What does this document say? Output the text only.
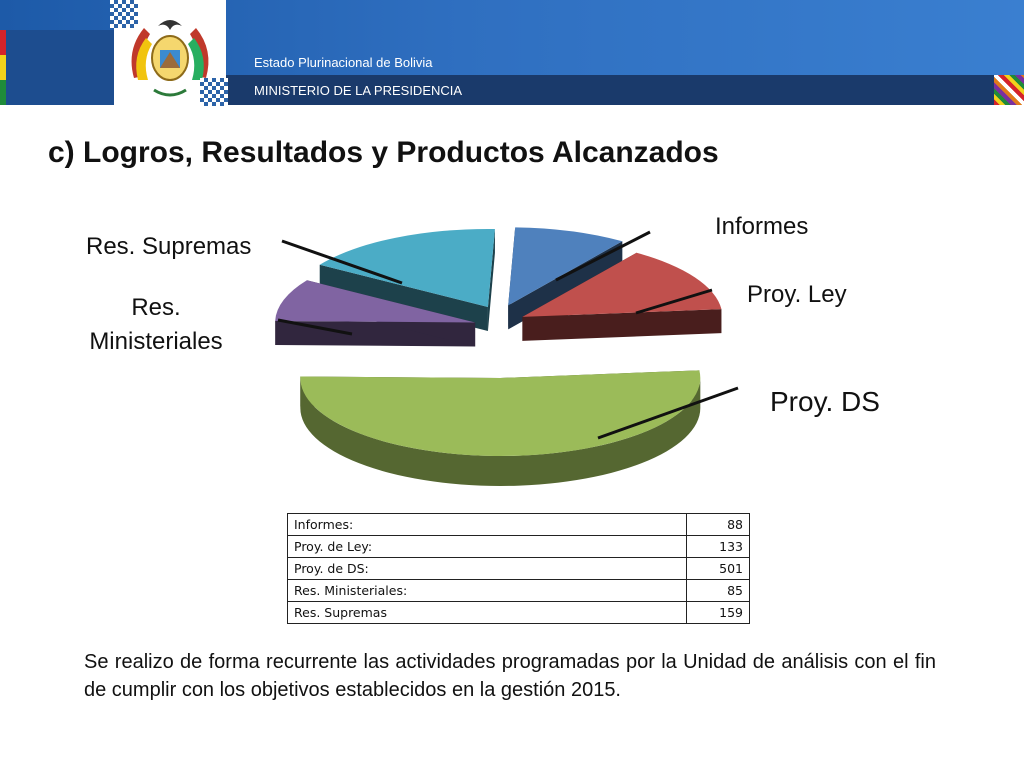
Estado Plurinacional de Bolivia
MINISTERIO DE LA PRESIDENCIA
c) Logros, Resultados y Productos Alcanzados
Informes
Proy. Ley
Proy. DS
Res.
Ministeriales
Res. Supremas
Informes:	88
Proy. de Ley:	133
Proy. de DS:	501
Res. Ministeriales:	85
Res. Supremas	159

Se realizo de forma recurrente las actividades programadas por la Unidad de análisis con el fin de cumplir con los objetivos establecidos en la gestión 2015.
